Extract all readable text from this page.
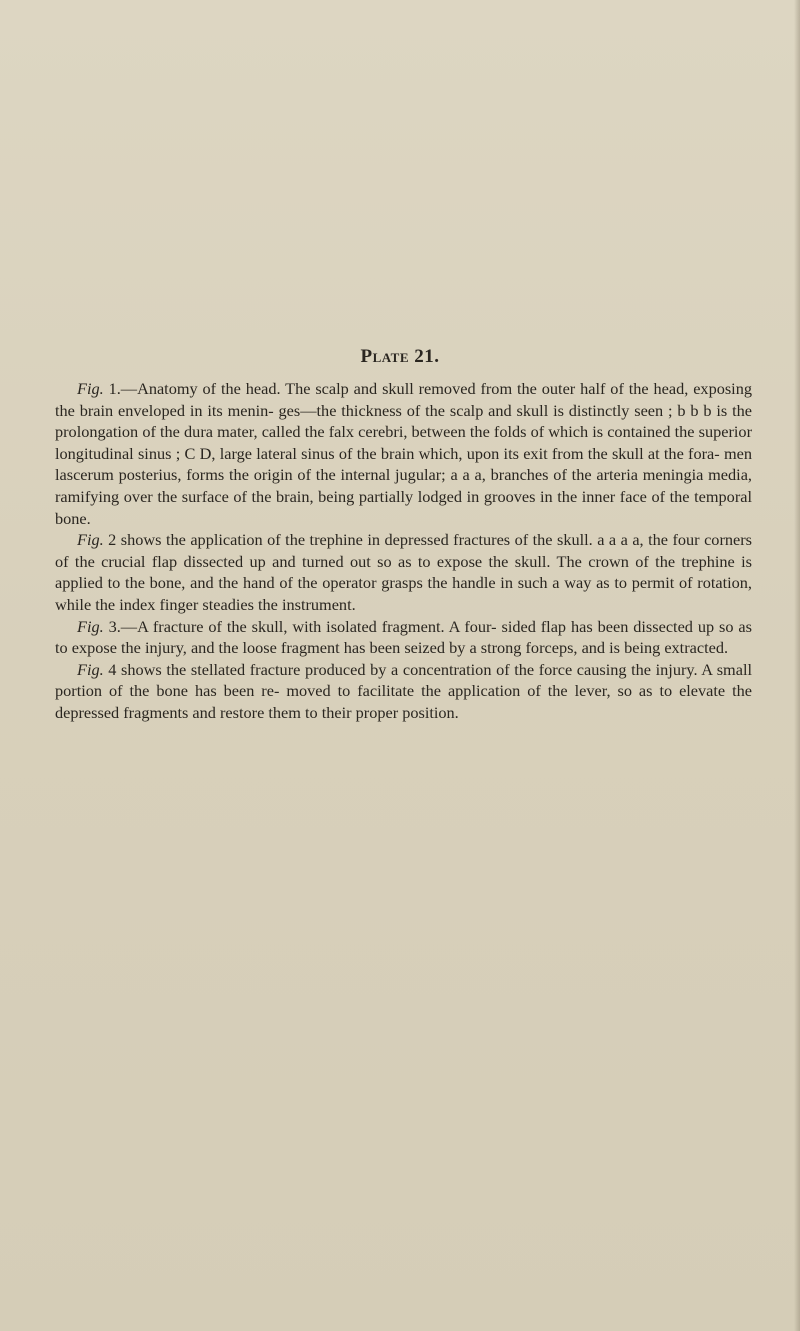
Plate 21.

Fig. 1.—Anatomy of the head. The scalp and skull removed from the outer half of the head, exposing the brain enveloped in its menin- ges—the thickness of the scalp and skull is distinctly seen ; b b b is the prolongation of the dura mater, called the falx cerebri, between the folds of which is contained the superior longitudinal sinus ; C D, large lateral sinus of the brain which, upon its exit from the skull at the fora- men lascerum posterius, forms the origin of the internal jugular; a a a, branches of the arteria meningia media, ramifying over the surface of the brain, being partially lodged in grooves in the inner face of the temporal bone.

Fig. 2 shows the application of the trephine in depressed fractures of the skull. a a a a, the four corners of the crucial flap dissected up and turned out so as to expose the skull. The crown of the trephine is applied to the bone, and the hand of the operator grasps the handle in such a way as to permit of rotation, while the index finger steadies the instrument.

Fig. 3.—A fracture of the skull, with isolated fragment. A four- sided flap has been dissected up so as to expose the injury, and the loose fragment has been seized by a strong forceps, and is being extracted.

Fig. 4 shows the stellated fracture produced by a concentration of the force causing the injury. A small portion of the bone has been re- moved to facilitate the application of the lever, so as to elevate the depressed fragments and restore them to their proper position.
